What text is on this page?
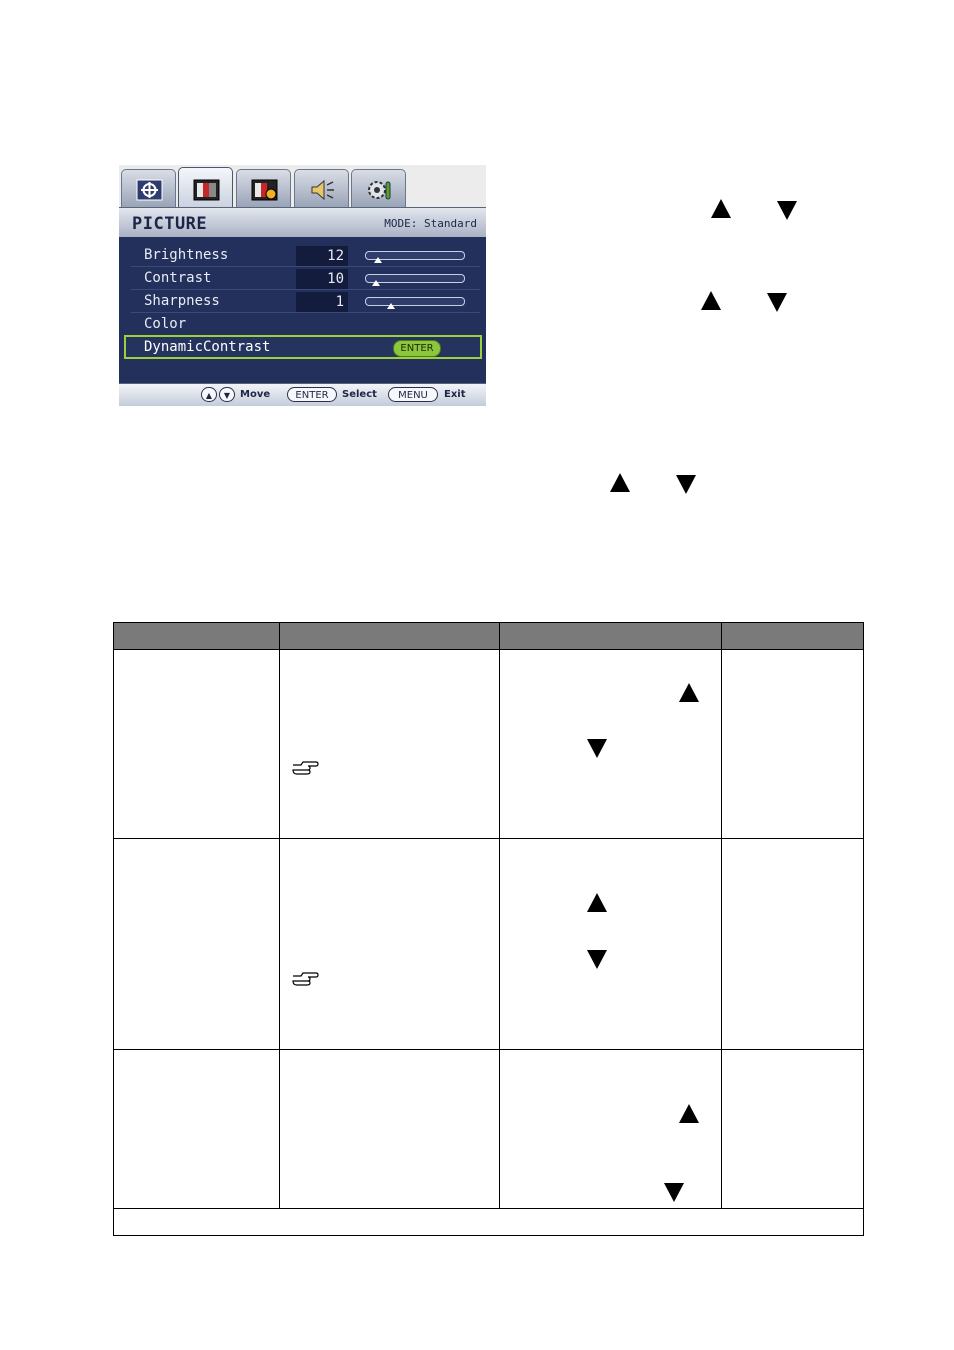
PICTURE	MODE: Standard
Brightness	12
Contrast	10
Sharpness	1
Color
DynamicContrast	ENTER
▲	▼ Move	ENTER	Select	MENU	Exit
